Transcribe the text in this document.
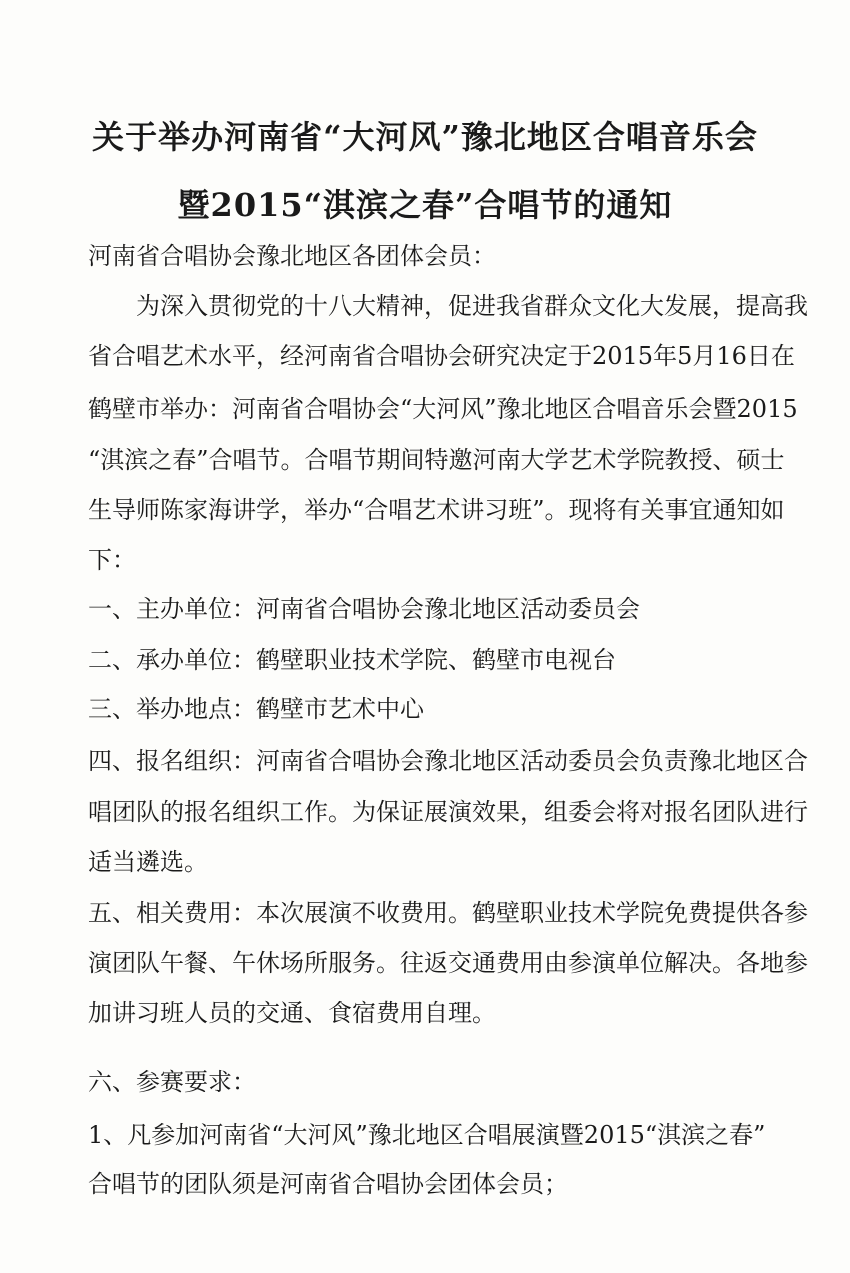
关于举办河南省“大河风”豫北地区合唱音乐会
暨2015“淇滨之春”合唱节的通知
河南省合唱协会豫北地区各团体会员：
　　为深入贯彻党的十八大精神，促进我省群众文化大发展，提高我
省合唱艺术水平，经河南省合唱协会研究决定于2015年5月16日在
鹤壁市举办：河南省合唱协会“大河风”豫北地区合唱音乐会暨2015
“淇滨之春”合唱节。合唱节期间特邀河南大学艺术学院教授、硕士
生导师陈家海讲学，举办“合唱艺术讲习班”。现将有关事宜通知如
下：
一、主办单位：河南省合唱协会豫北地区活动委员会
二、承办单位：鹤壁职业技术学院、鹤壁市电视台
三、举办地点：鹤壁市艺术中心
四、报名组织：河南省合唱协会豫北地区活动委员会负责豫北地区合
唱团队的报名组织工作。为保证展演效果，组委会将对报名团队进行
适当遴选。
五、相关费用：本次展演不收费用。鹤壁职业技术学院免费提供各参
演团队午餐、午休场所服务。往返交通费用由参演单位解决。各地参
加讲习班人员的交通、食宿费用自理。
六、参赛要求：
1、凡参加河南省“大河风”豫北地区合唱展演暨2015“淇滨之春”
合唱节的团队须是河南省合唱协会团体会员；
